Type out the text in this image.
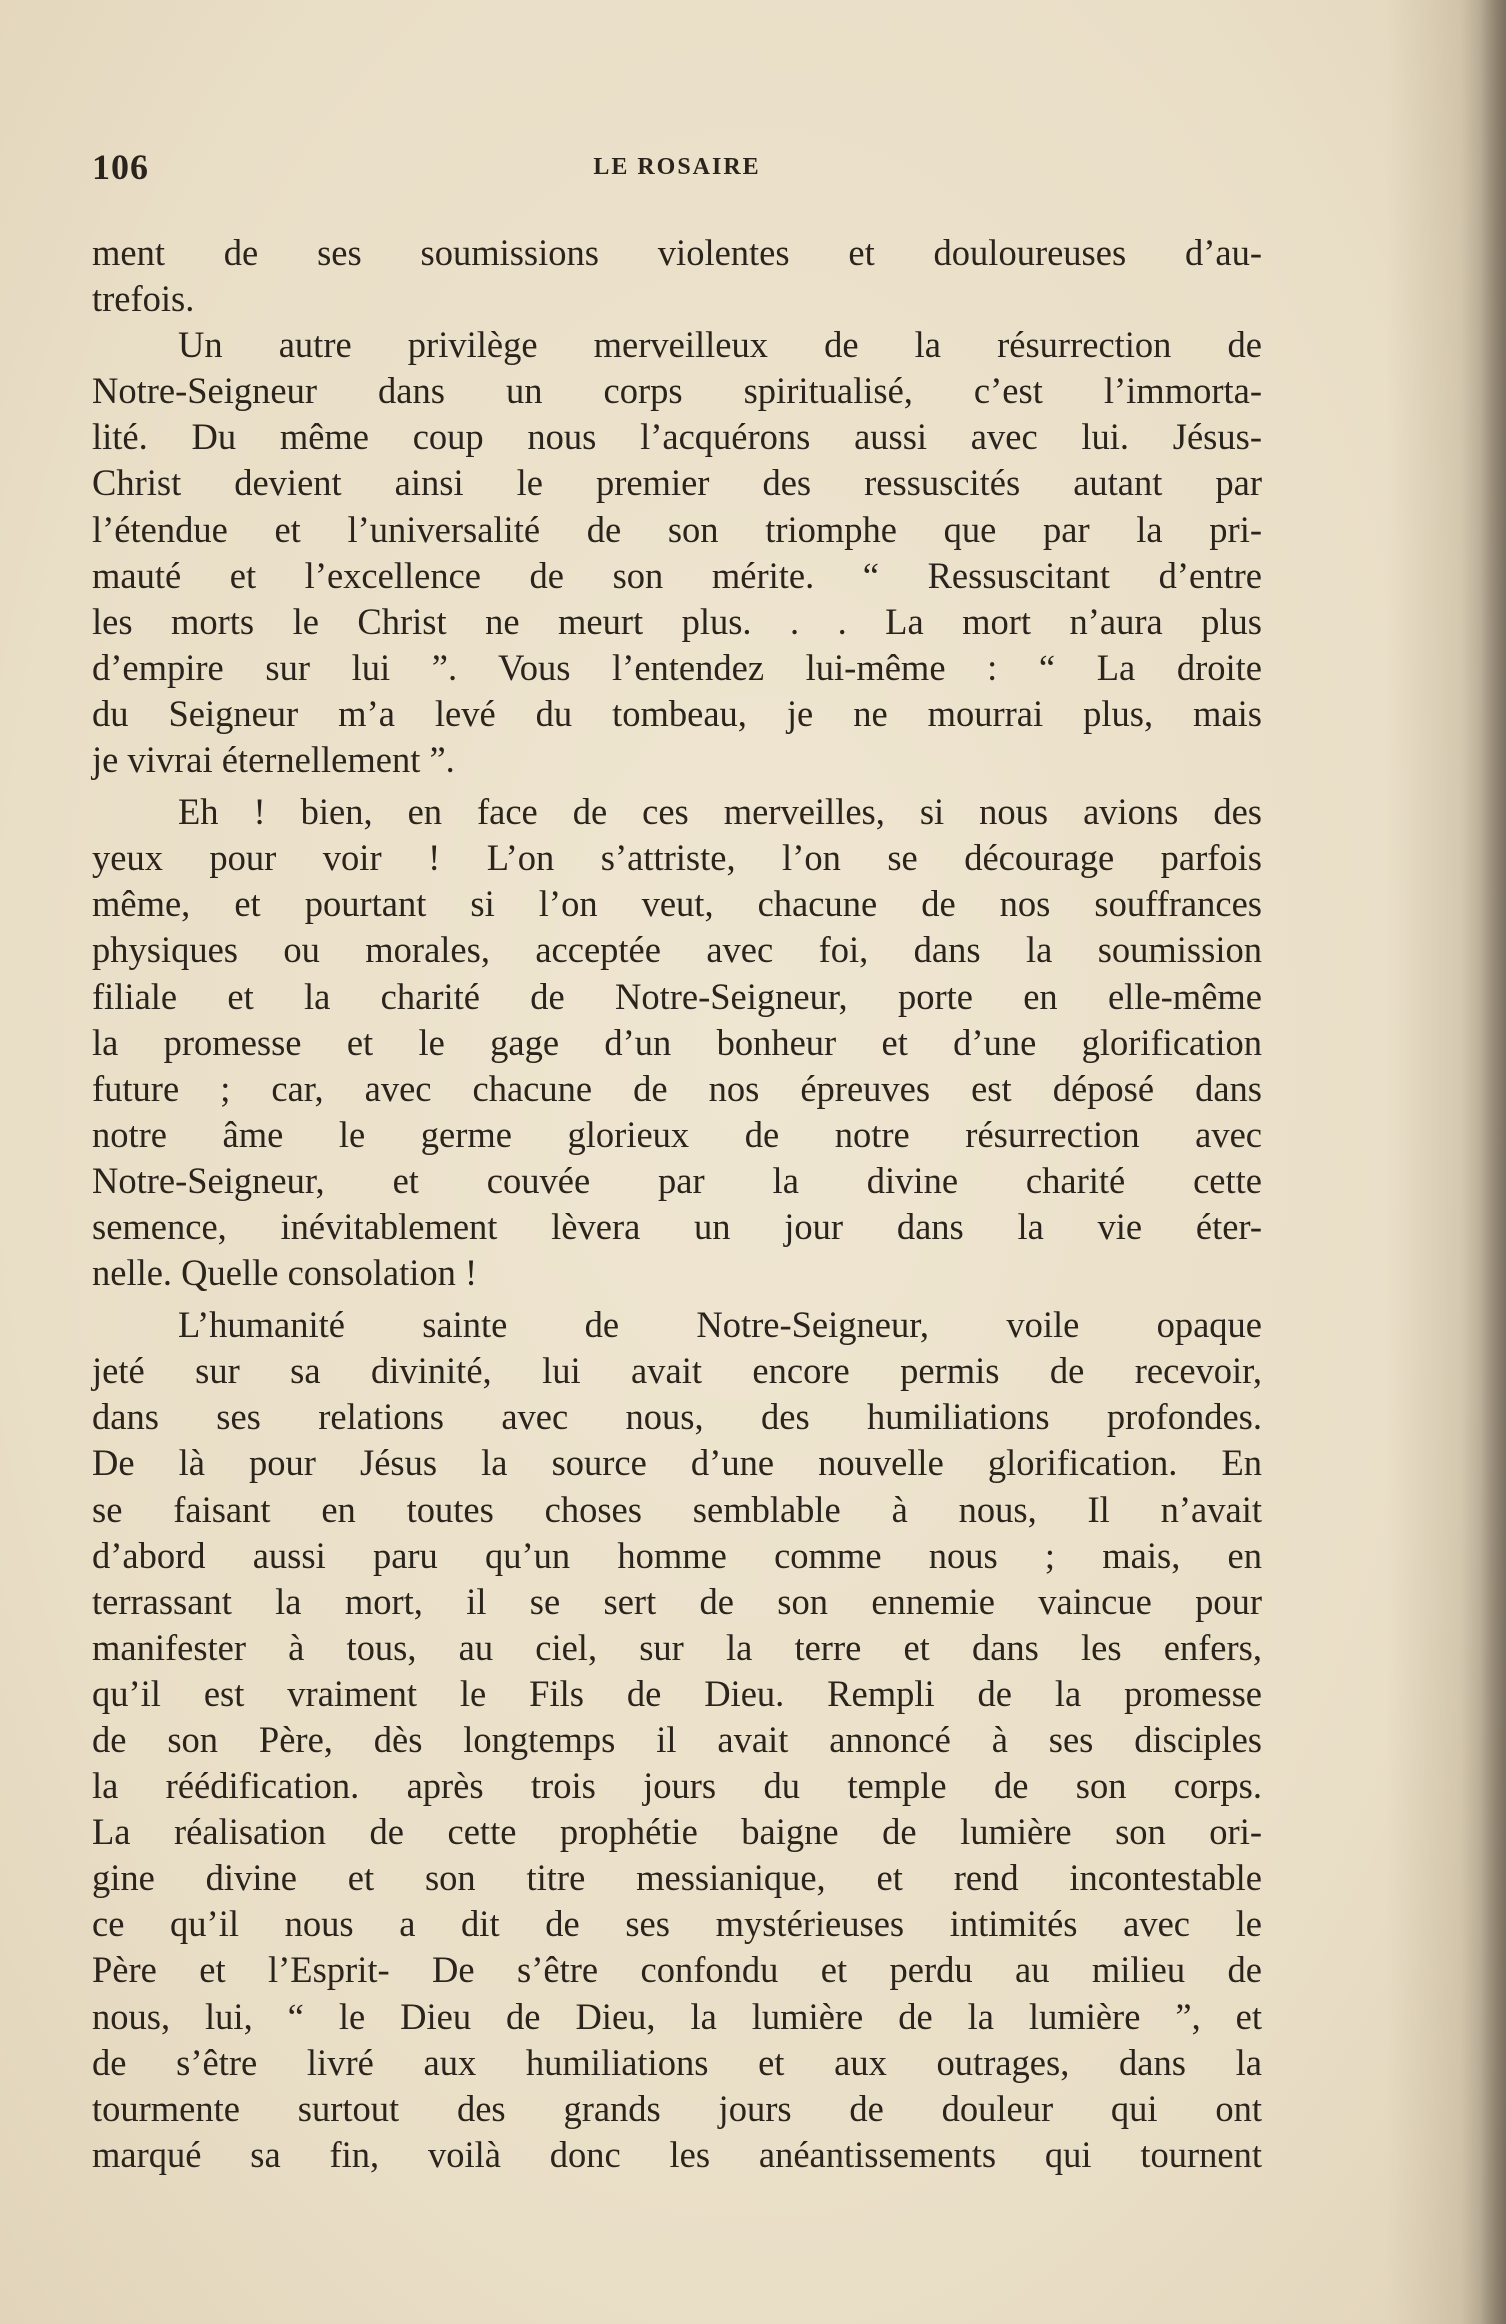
106	LE ROSAIRE
ment de ses soumissions violentes et douloureuses d’au-
trefois.
Un autre privilège merveilleux de la résurrection de
Notre-Seigneur dans un corps spiritualisé, c’est l’immorta-
lité. Du même coup nous l’acquérons aussi avec lui. Jésus-
Christ devient ainsi le premier des ressuscités autant par
l’étendue et l’universalité de son triomphe que par la pri-
mauté et l’excellence de son mérite. “ Ressuscitant d’entre
les morts le Christ ne meurt plus. . . La mort n’aura plus
d’empire sur lui ”. Vous l’entendez lui-même : “ La droite
du Seigneur m’a levé du tombeau, je ne mourrai plus, mais
je vivrai éternellement ”.
Eh ! bien, en face de ces merveilles, si nous avions des
yeux pour voir ! L’on s’attriste, l’on se décourage parfois
même, et pourtant si l’on veut, chacune de nos souffrances
physiques ou morales, acceptée avec foi, dans la soumission
filiale et la charité de Notre-Seigneur, porte en elle-même
la promesse et le gage d’un bonheur et d’une glorification
future ; car, avec chacune de nos épreuves est déposé dans
notre âme le germe glorieux de notre résurrection avec
Notre-Seigneur, et couvée par la divine charité cette
semence, inévitablement lèvera un jour dans la vie éter-
nelle. Quelle consolation !
L’humanité sainte de Notre-Seigneur, voile opaque
jeté sur sa divinité, lui avait encore permis de recevoir,
dans ses relations avec nous, des humiliations profondes.
De là pour Jésus la source d’une nouvelle glorification. En
se faisant en toutes choses semblable à nous, Il n’avait
d’abord aussi paru qu’un homme comme nous ; mais, en
terrassant la mort, il se sert de son ennemie vaincue pour
manifester à tous, au ciel, sur la terre et dans les enfers,
qu’il est vraiment le Fils de Dieu. Rempli de la promesse
de son Père, dès longtemps il avait annoncé à ses disciples
la réédification. après trois jours du temple de son corps.
La réalisation de cette prophétie baigne de lumière son ori-
gine divine et son titre messianique, et rend incontestable
ce qu’il nous a dit de ses mystérieuses intimités avec le
Père et l’Esprit- De s’être confondu et perdu au milieu de
nous, lui, “ le Dieu de Dieu, la lumière de la lumière ”, et
de s’être livré aux humiliations et aux outrages, dans la
tourmente surtout des grands jours de douleur qui ont
marqué sa fin, voilà donc les anéantissements qui tournent
